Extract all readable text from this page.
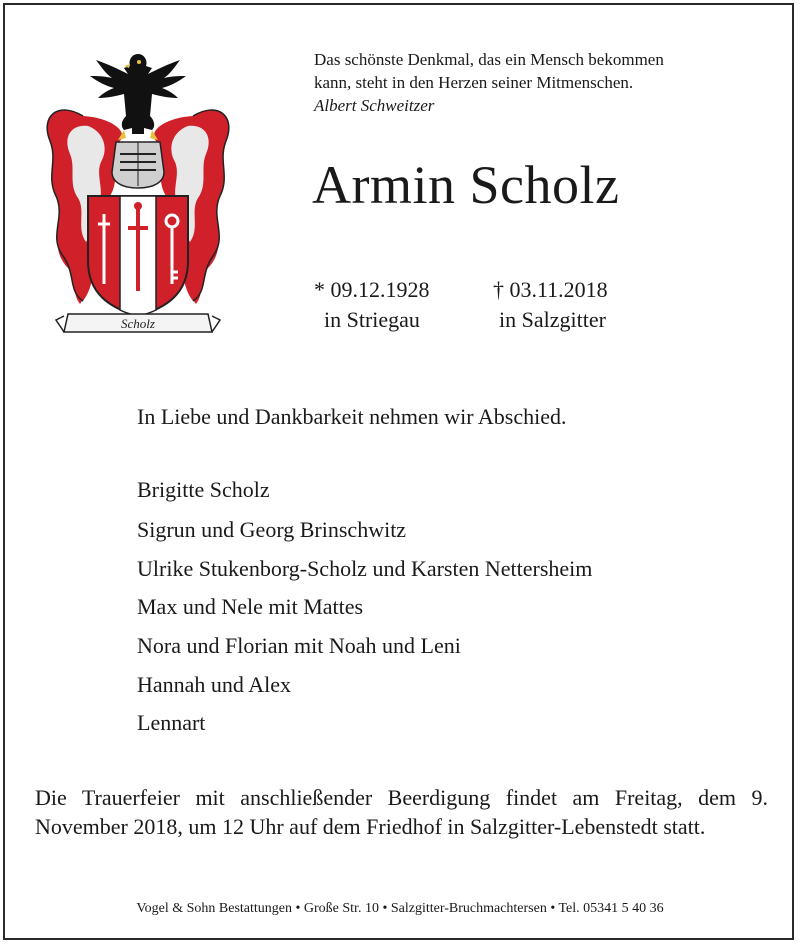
Scholz
Das schönste Denkmal, das ein Mensch bekommen
kann, steht in den Herzen seiner Mitmenschen.
Albert Schweitzer
Armin Scholz
* 09.12.1928
in Striegau
† 03.11.2018
in Salzgitter
In Liebe und Dankbarkeit nehmen wir Abschied.
Brigitte Scholz
Sigrun und Georg Brinschwitz
Ulrike Stukenborg-Scholz und Karsten Nettersheim
Max und Nele mit Mattes
Nora und Florian mit Noah und Leni
Hannah und Alex
Lennart
Die Trauerfeier mit anschließender Beerdigung findet am Freitag, dem 9. November 2018, um 12 Uhr auf dem Friedhof in Salzgitter-Lebenstedt statt.
Vogel & Sohn Bestattungen • Große Str. 10 • Salzgitter-Bruchmachtersen • Tel. 05341 5 40 36
